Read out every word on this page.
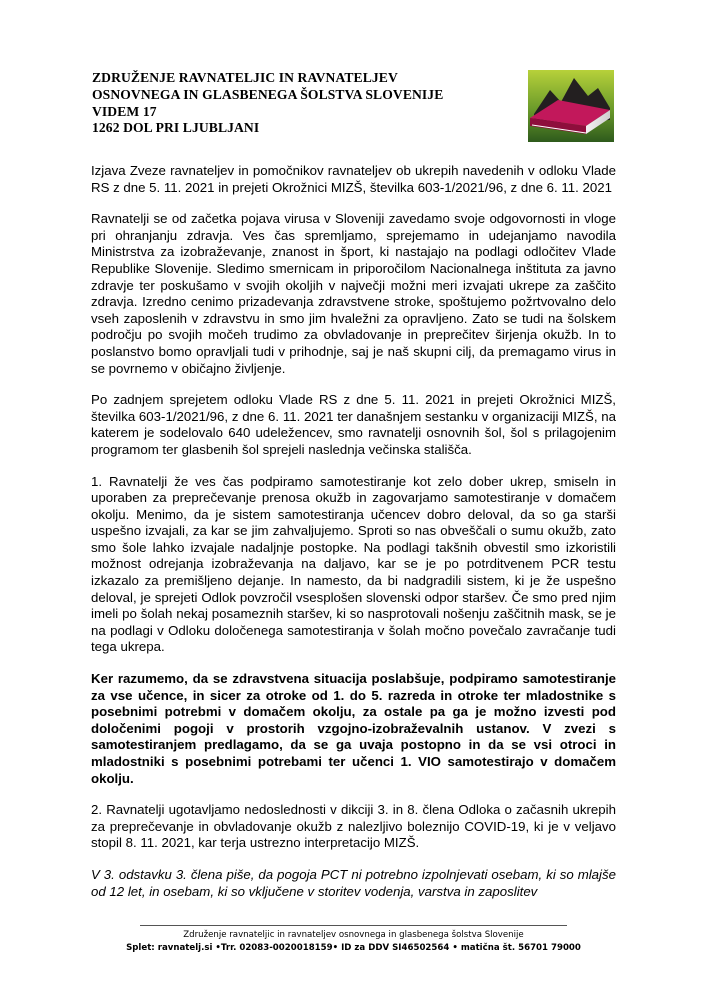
ZDRUŽENJE RAVNATELJIC IN RAVNATELJEV
OSNOVNEGA IN GLASBENEGA ŠOLSTVA SLOVENIJE
VIDEM 17
1262 DOL PRI LJUBLJANI

Izjava Zveze ravnateljev in pomočnikov ravnateljev ob ukrepih navedenih v odloku Vlade RS z dne 5. 11. 2021 in prejeti Okrožnici MIZŠ, številka 603-1/2021/96, z dne 6. 11. 2021

Ravnatelji se od začetka pojava virusa v Sloveniji zavedamo svoje odgovornosti in vloge pri ohranjanju zdravja. Ves čas spremljamo, sprejemamo in udejanjamo navodila Ministrstva za izobraževanje, znanost in šport, ki nastajajo na podlagi odločitev Vlade Republike Slovenije. Sledimo smernicam in priporočilom Nacionalnega inštituta za javno zdravje ter poskušamo v svojih okoljih v največji možni meri izvajati ukrepe za zaščito zdravja. Izredno cenimo prizadevanja zdravstvene stroke, spoštujemo požrtvovalno delo vseh zaposlenih v zdravstvu in smo jim hvaležni za opravljeno. Zato se tudi na šolskem področju po svojih močeh trudimo za obvladovanje in preprečitev širjenja okužb. In to poslanstvo bomo opravljali tudi v prihodnje, saj je naš skupni cilj, da premagamo virus in se povrnemo v običajno življenje.

Po zadnjem sprejetem odloku Vlade RS z dne 5. 11. 2021 in prejeti Okrožnici MIZŠ, številka 603-1/2021/96, z dne 6. 11. 2021 ter današnjem sestanku v organizaciji MIZŠ, na katerem je sodelovalo 640 udeležencev, smo ravnatelji osnovnih šol, šol s prilagojenim programom ter glasbenih šol sprejeli naslednja večinska stališča.

1. Ravnatelji že ves čas podpiramo samotestiranje kot zelo dober ukrep, smiseln in uporaben za preprečevanje prenosa okužb in zagovarjamo samotestiranje v domačem okolju. Menimo, da je sistem samotestiranja učencev dobro deloval, da so ga starši uspešno izvajali, za kar se jim zahvaljujemo. Sproti so nas obveščali o sumu okužb, zato smo šole lahko izvajale nadaljnje postopke. Na podlagi takšnih obvestil smo izkoristili možnost odrejanja izobraževanja na daljavo, kar se je po potrditvenem PCR testu izkazalo za premišljeno dejanje. In namesto, da bi nadgradili sistem, ki je že uspešno deloval, je sprejeti Odlok povzročil vsesplošen slovenski odpor staršev. Če smo pred njim imeli po šolah nekaj posameznih staršev, ki so nasprotovali nošenju zaščitnih mask, se je na podlagi v Odloku določenega samotestiranja v šolah močno povečalo zavračanje tudi tega ukrepa.

Ker razumemo, da se zdravstvena situacija poslabšuje, podpiramo samotestiranje za vse učence, in sicer za otroke od 1. do 5. razreda in otroke ter mladostnike s posebnimi potrebmi v domačem okolju, za ostale pa ga je možno izvesti pod določenimi pogoji v prostorih vzgojno-izobraževalnih ustanov. V zvezi s samotestiranjem predlagamo, da se ga uvaja postopno in da se vsi otroci in mladostniki s posebnimi potrebami ter učenci 1. VIO samotestirajo v domačem okolju.

2. Ravnatelji ugotavljamo nedoslednosti v dikciji 3. in 8. člena Odloka o začasnih ukrepih za preprečevanje in obvladovanje okužb z nalezljivo boleznijo COVID-19, ki je v veljavo stopil 8. 11. 2021, kar terja ustrezno interpretacijo MIZŠ.

V 3. odstavku 3. člena piše, da pogoja PCT ni potrebno izpolnjevati osebam, ki so mlajše od 12 let, in osebam, ki so vključene v storitev vodenja, varstva in zaposlitev

Združenje ravnateljic in ravnateljev osnovnega in glasbenega šolstva Slovenije
Splet: ravnatelj.si •Trr. 02083-0020018159• ID za DDV SI46502564 • matična št. 56701 79000
